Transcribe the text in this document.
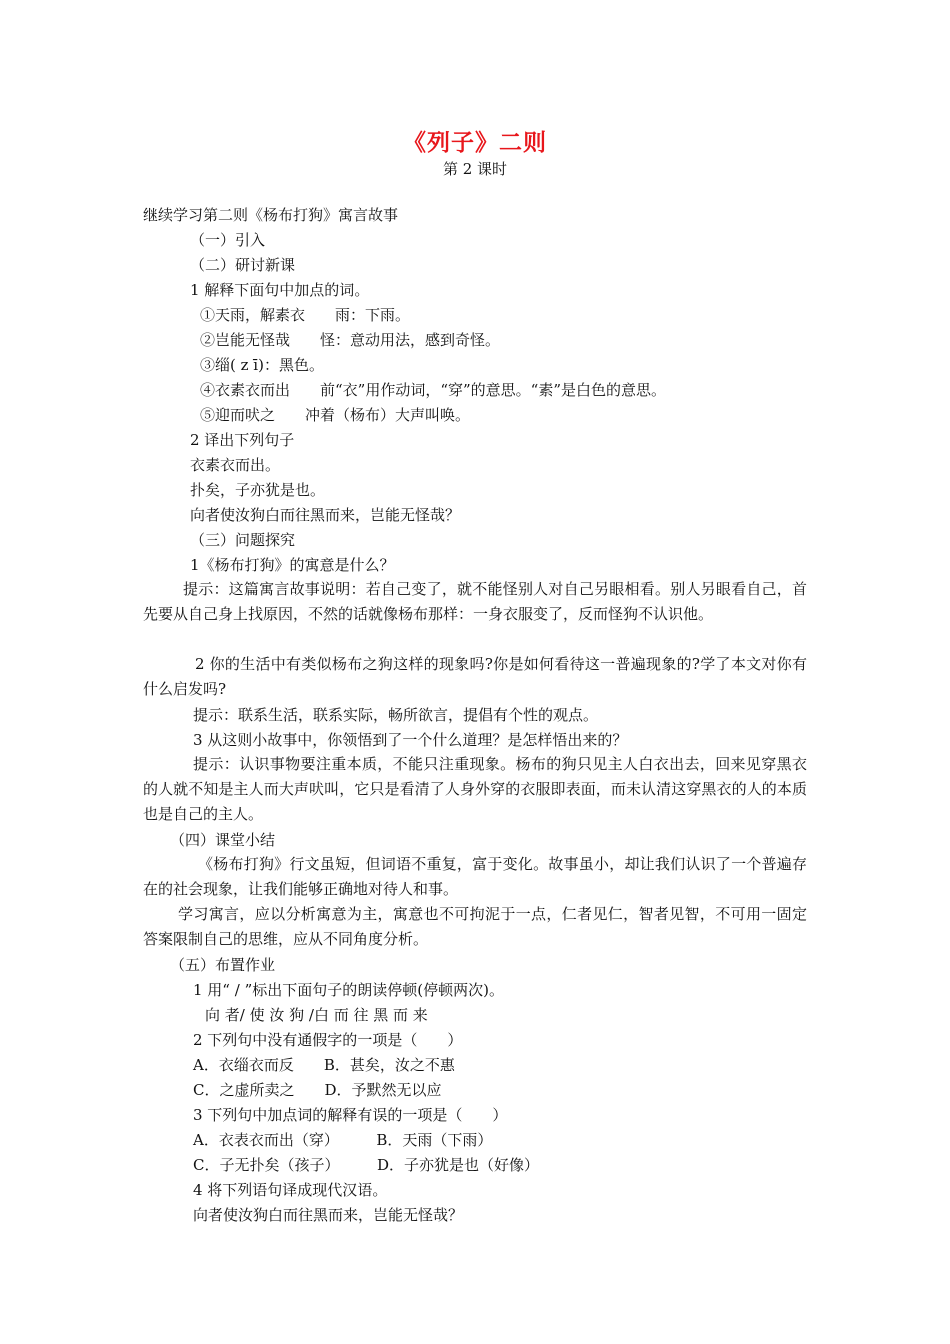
《列子》二则
第 2 课时
继续学习第二则《杨布打狗》寓言故事
（一）引入
（二）研讨新课
1 解释下面句中加点的词。
①天雨，解素衣　　雨：下雨。
②岂能无怪哉　　怪：意动用法，感到奇怪。
③缁( z ī)：黑色。
④衣素衣而出　　前“衣”用作动词，“穿”的意思。“素”是白色的意思。
⑤迎而吠之　　冲着（杨布）大声叫唤。
2 译出下列句子
衣素衣而出。
扑矣，子亦犹是也。
向者使汝狗白而往黑而来，岂能无怪哉？
（三）问题探究
1《杨布打狗》的寓意是什么？
提示：这篇寓言故事说明：若自己变了，就不能怪别人对自己另眼相看。别人另眼看自己，首先要从自己身上找原因，不然的话就像杨布那样：一身衣服变了，反而怪狗不认识他。
2 你的生活中有类似杨布之狗这样的现象吗?你是如何看待这一普遍现象的?学了本文对你有什么启发吗?
提示：联系生活，联系实际，畅所欲言，提倡有个性的观点。
3 从这则小故事中，你领悟到了一个什么道理？是怎样悟出来的？
提示：认识事物要注重本质，不能只注重现象。杨布的狗只见主人白衣出去，回来见穿黑衣的人就不知是主人而大声吠叫，它只是看清了人身外穿的衣服即表面，而未认清这穿黑衣的人的本质也是自己的主人。
（四）课堂小结
《杨布打狗》行文虽短，但词语不重复，富于变化。故事虽小，却让我们认识了一个普遍存在的社会现象，让我们能够正确地对待人和事。
学习寓言，应以分析寓意为主，寓意也不可拘泥于一点，仁者见仁，智者见智，不可用一固定答案限制自己的思维，应从不同角度分析。
（五）布置作业
1 用“ / ”标出下面句子的朗读停顿(停顿两次)。
向 者/ 使 汝 狗 /白 而 往 黑 而 来
2 下列句中没有通假字的一项是（　　）
A．衣缁衣而反　　B．甚矣，汝之不惠
C．之虚所卖之　　D．予默然无以应
3 下列句中加点词的解释有误的一项是（　　）
A．衣表衣而出（穿）　　　B．天雨（下雨）
C．子无扑矣（孩子）　　　D．子亦犹是也（好像）
4 将下列语句译成现代汉语。
向者使汝狗白而往黑而来，岂能无怪哉？
